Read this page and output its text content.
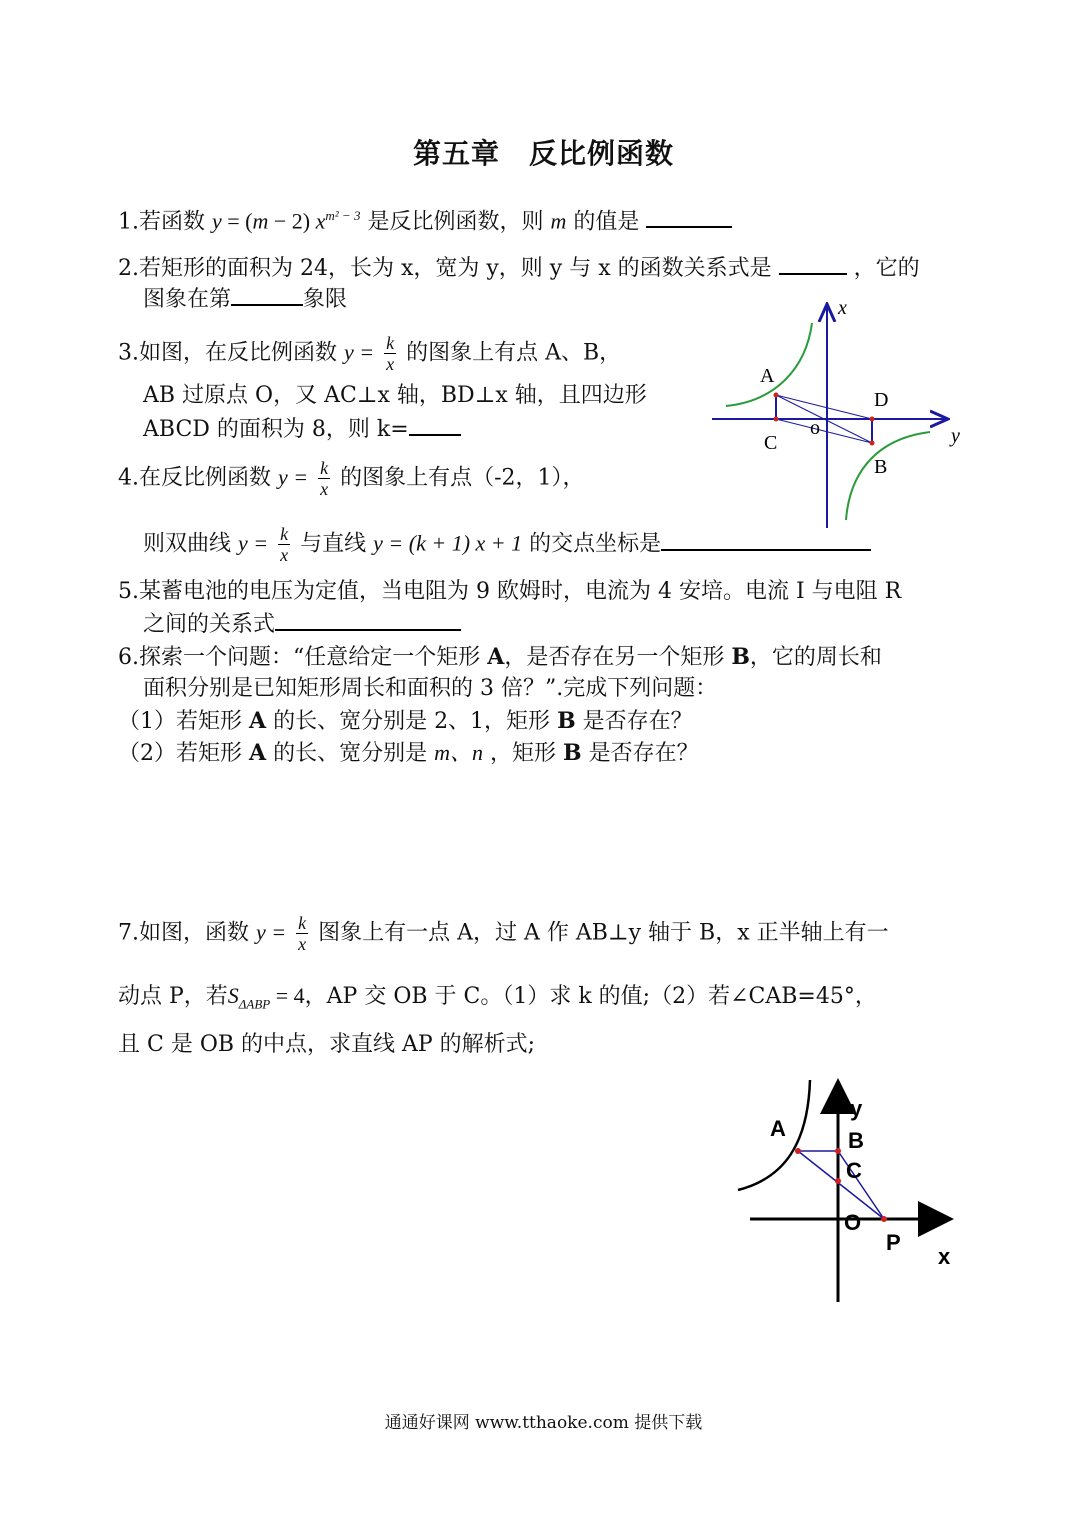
第五章　反比例函数
1.若函数 y = (m − 2) $x^{m^2 - 3}$ 是反比例函数，则 m 的值是
2.若矩形的面积为 24，长为 x，宽为 y，则 y 与 x 的函数关系式是	，它的
图象在第	象限
3.如图，在反比例函数 $y = \frac{k}{x}$ 的图象上有点 A、B，
AB 过原点 O，又 AC⊥x 轴，BD⊥x 轴，且四边形
ABCD 的面积为 8，则 k=
4.在反比例函数 $y = \frac{k}{x}$ 的图象上有点（-2，1），
则双曲线 $y = \frac{k}{x}$ 与直线 y = (k + 1) x + 1 的交点坐标是
5.某蓄电池的电压为定值，当电阻为 9 欧姆时，电流为 4 安培。电流 I 与电阻 R
之间的关系式
6.探索一个问题：“任意给定一个矩形 A，是否存在另一个矩形 B，它的周长和
面积分别是已知矩形周长和面积的 3 倍？”.完成下列问题：
（1）若矩形 A 的长、宽分别是 2、1，矩形 B 是否存在？
（2）若矩形 A 的长、宽分别是 m、n ，矩形 B 是否存在？
7.如图，函数 $y = \frac{k}{x}$ 图象上有一点 A，过 A 作 AB⊥y 轴于 B，x 正半轴上有一
动点 P，若$S_{\Delta ABP} = 4$，AP 交 OB 于 C。（1）求 k 的值;（2）若∠CAB=45°，
且 C 是 OB 的中点，求直线 AP 的解析式;
x
y
A
C
D
B
o
y
A	B
C
O
P
x
通通好课网 www.tthaoke.com 提供下载
